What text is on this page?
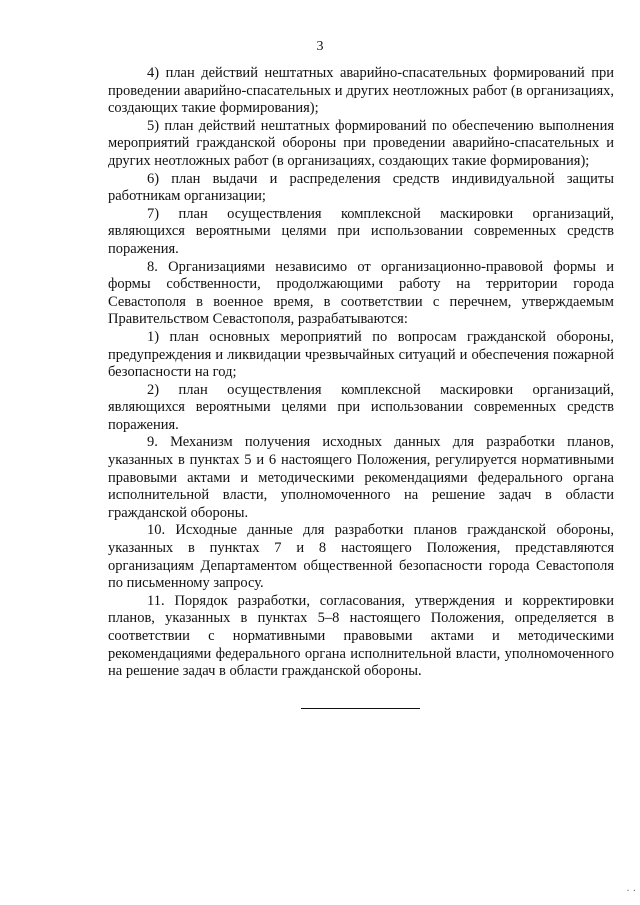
3

4) план действий нештатных аварийно-спасательных формирований при проведении аварийно-спасательных и других неотложных работ (в организациях, создающих такие формирования);

5) план действий нештатных формирований по обеспечению выполнения мероприятий гражданской обороны при проведении аварийно-спасательных и других неотложных работ (в организациях, создающих такие формирования);

6) план выдачи и распределения средств индивидуальной защиты работникам организации;

7) план осуществления комплексной маскировки организаций, являющихся вероятными целями при использовании современных средств поражения.

8. Организациями независимо от организационно-правовой формы и формы собственности, продолжающими работу на территории города Севастополя в военное время, в соответствии с перечнем, утверждаемым Правительством Севастополя, разрабатываются:

1) план основных мероприятий по вопросам гражданской обороны, предупреждения и ликвидации чрезвычайных ситуаций и обеспечения пожарной безопасности на год;

2) план осуществления комплексной маскировки организаций, являющихся вероятными целями при использовании современных средств поражения.

9. Механизм получения исходных данных для разработки планов, указанных в пунктах 5 и 6 настоящего Положения, регулируется нормативными правовыми актами и методическими рекомендациями федерального органа исполнительной власти, уполномоченного на решение задач в области гражданской обороны.

10. Исходные данные для разработки планов гражданской обороны, указанных в пунктах 7 и 8 настоящего Положения, представляются организациям Департаментом общественной безопасности города Севастополя по письменному запросу.

11. Порядок разработки, согласования, утверждения и корректировки планов, указанных в пунктах 5–8 настоящего Положения, определяется в соответствии с нормативными правовыми актами и методическими рекомендациями федерального органа исполнительной власти, уполномоченного на решение задач в области гражданской обороны.

· ·
